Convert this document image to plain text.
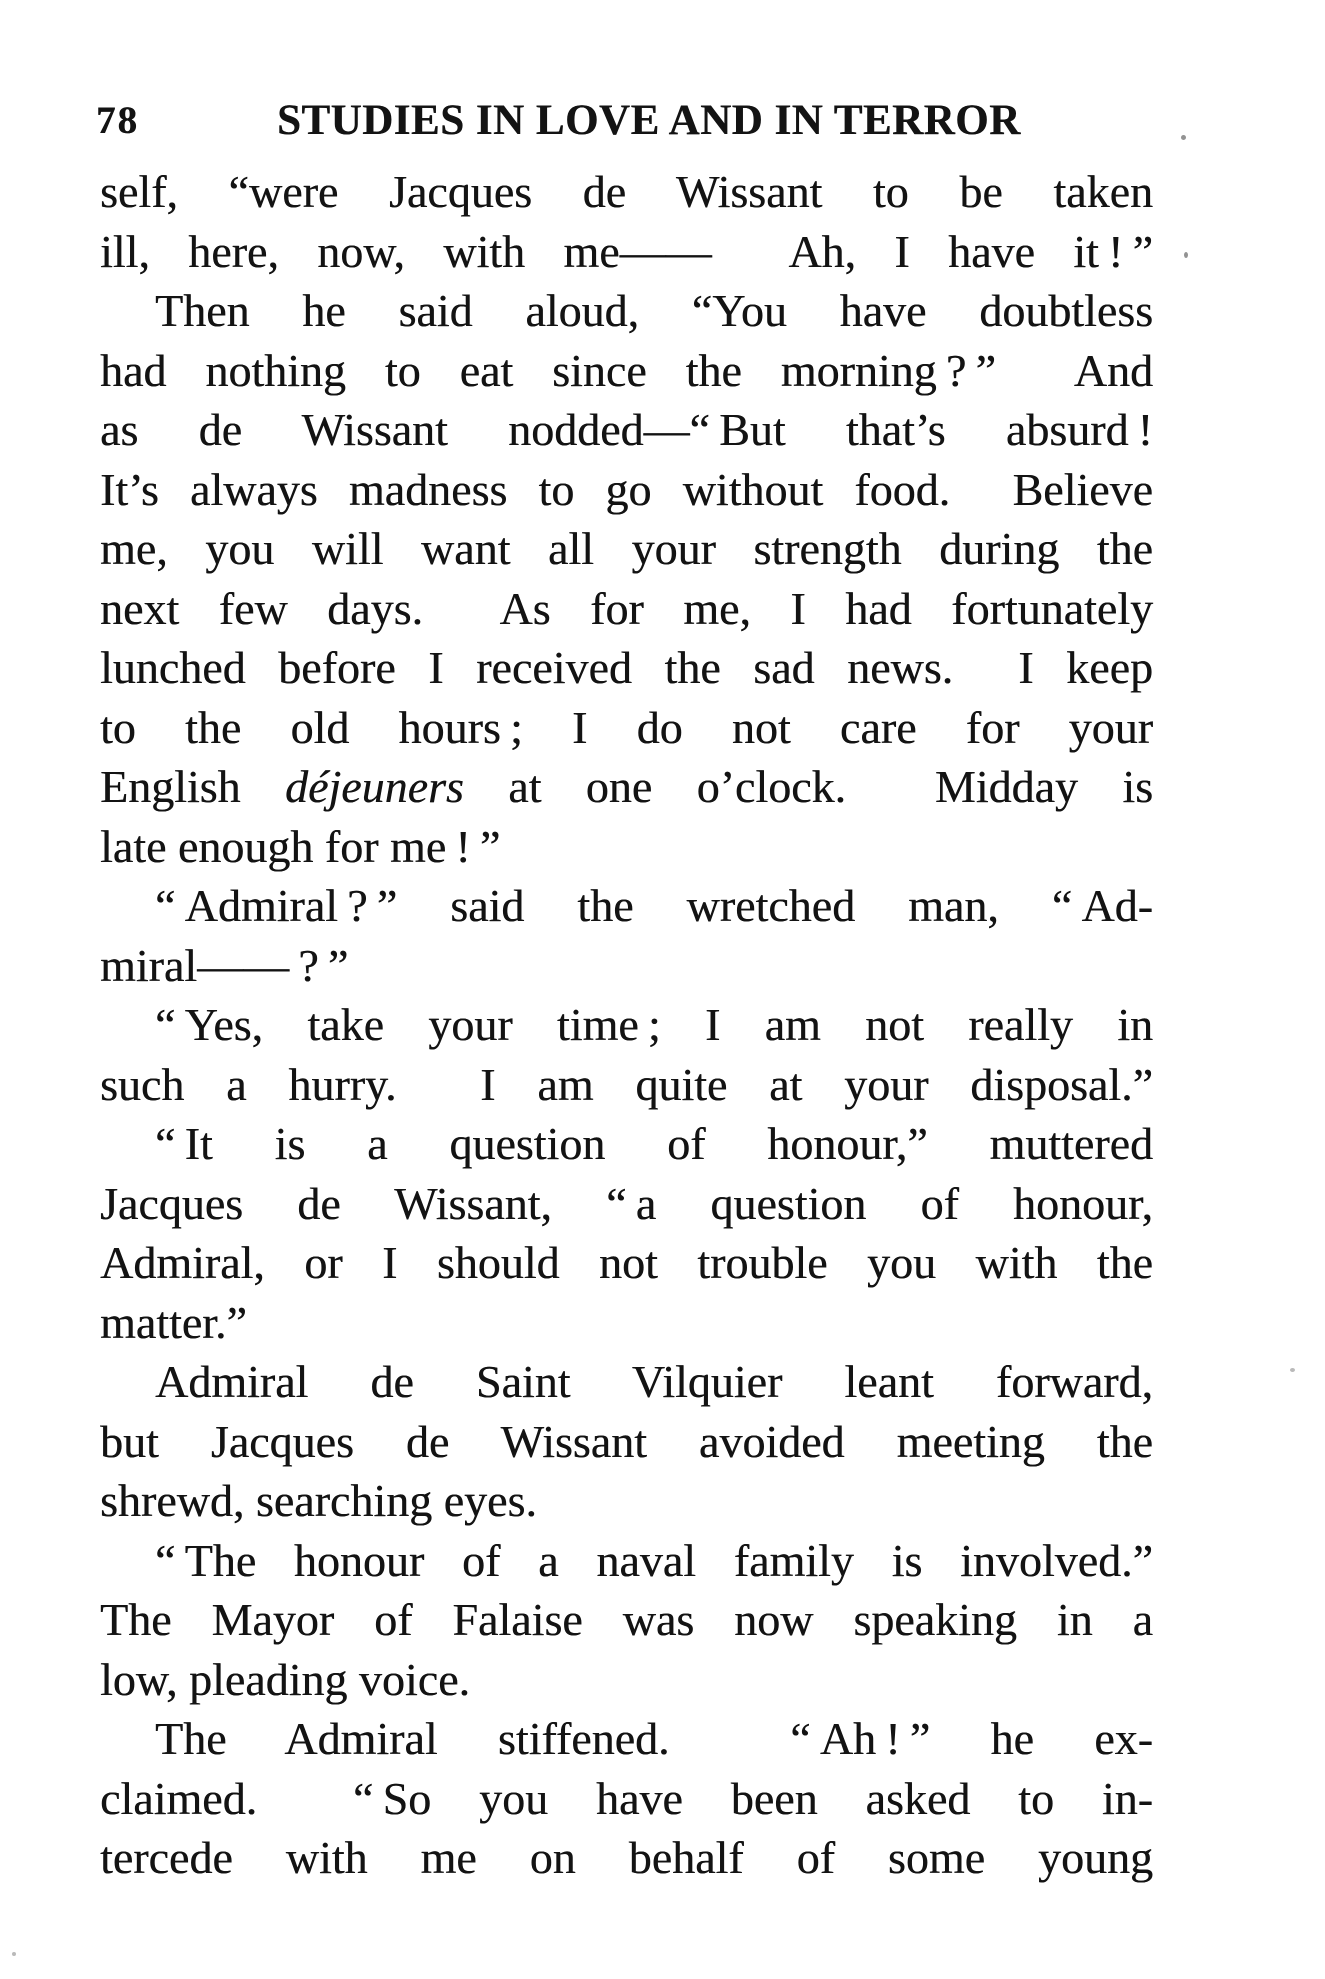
78	STUDIES IN LOVE AND IN TERROR
self, “were Jacques de Wissant to be taken
ill, here, now, with me——  Ah, I have it ! ”
Then he said aloud, “You have doubtless
had nothing to eat since the morning ? ”  And
as de Wissant nodded—“ But that’s absurd !
It’s always madness to go without food.  Believe
me, you will want all your strength during the
next few days.  As for me, I had fortunately
lunched before I received the sad news.  I keep
to the old hours ; I do not care for your
English déjeuners at one o’clock.  Midday is
late enough for me ! ”
“ Admiral ? ” said the wretched man, “ Ad-
miral—— ? ”
“ Yes, take your time ; I am not really in
such a hurry.  I am quite at your disposal.”
“ It is a question of honour,” muttered
Jacques de Wissant, “ a question of honour,
Admiral, or I should not trouble you with the
matter.”
Admiral de Saint Vilquier leant forward,
but Jacques de Wissant avoided meeting the
shrewd, searching eyes.
“ The honour of a naval family is involved.”
The Mayor of Falaise was now speaking in a
low, pleading voice.
The Admiral stiffened.  “ Ah ! ” he ex-
claimed.  “ So you have been asked to in-
tercede with me on behalf of some young
